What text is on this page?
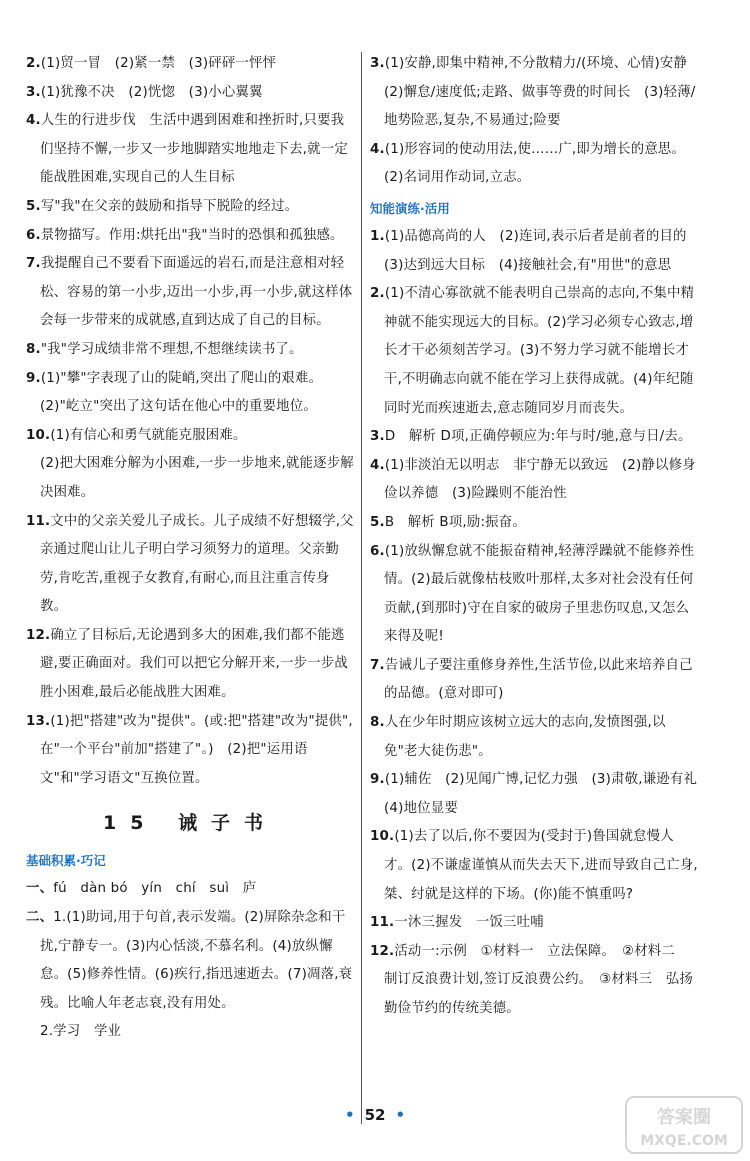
2.(1)贸一冒　(2)紧一禁　(3)砰砰一怦怦
3.(1)犹豫不决　(2)恍惚　(3)小心翼翼
4.人生的行进步伐　生活中遇到困难和挫折时,只要我们坚持不懈,一步又一步地脚踏实地地走下去,就一定能战胜困难,实现自己的人生目标
5.写"我"在父亲的鼓励和指导下脱险的经过。
6.景物描写。作用:烘托出"我"当时的恐惧和孤独感。
7.我提醒自己不要看下面遥远的岩石,而是注意相对轻松、容易的第一小步,迈出一小步,再一小步,就这样体会每一步带来的成就感,直到达成了自己的目标。
8."我"学习成绩非常不理想,不想继续读书了。
9.(1)"攀"字表现了山的陡峭,突出了爬山的艰难。
(2)"屹立"突出了这句话在他心中的重要地位。
10.(1)有信心和勇气就能克服困难。
(2)把大困难分解为小困难,一步一步地来,就能逐步解决困难。
11.文中的父亲关爱儿子成长。儿子成绩不好想辍学,父亲通过爬山让儿子明白学习须努力的道理。父亲勤劳,肯吃苦,重视子女教育,有耐心,而且注重言传身教。
12.确立了目标后,无论遇到多大的困难,我们都不能逃避,要正确面对。我们可以把它分解开来,一步一步战胜小困难,最后必能战胜大困难。
13.(1)把"搭建"改为"提供"。(或:把"搭建"改为"提供",在"一个平台"前加"搭建了"。)　(2)把"运用语文"和"学习语文"互换位置。
15 诫子书
基础积累·巧记
一、fú　dàn bó　yín　chí　suì　庐
二、1.(1)助词,用于句首,表示发端。(2)屏除杂念和干扰,宁静专一。(3)内心恬淡,不慕名利。(4)放纵懈怠。(5)修养性情。(6)疾行,指迅速逝去。(7)凋落,衰残。比喻人年老志衰,没有用处。
2.学习　学业
3.(1)安静,即集中精神,不分散精力/(环境、心情)安静　(2)懈怠/速度低;走路、做事等费的时间长　(3)轻薄/地势险恶,复杂,不易通过;险要
4.(1)形容词的使动用法,使……广,即为增长的意思。(2)名词用作动词,立志。
知能演练·活用
1.(1)品德高尚的人　(2)连词,表示后者是前者的目的　(3)达到远大目标　(4)接触社会,有"用世"的意思
2.(1)不清心寡欲就不能表明自己崇高的志向,不集中精神就不能实现远大的目标。(2)学习必须专心致志,增长才干必须刻苦学习。(3)不努力学习就不能增长才干,不明确志向就不能在学习上获得成就。(4)年纪随同时光而疾速逝去,意志随同岁月而丧失。
3.D　解析 D项,正确停顿应为:年与时/驰,意与日/去。
4.(1)非淡泊无以明志　非宁静无以致远　(2)静以修身　俭以养德　(3)险躁则不能治性
5.B　解析 B项,励:振奋。
6.(1)放纵懈怠就不能振奋精神,轻薄浮躁就不能修养性情。(2)最后就像枯枝败叶那样,太多对社会没有任何贡献,(到那时)守在自家的破房子里悲伤叹息,又怎么来得及呢!
7.告诫儿子要注重修身养性,生活节俭,以此来培养自己的品德。(意对即可)
8.人在少年时期应该树立远大的志向,发愤图强,以免"老大徒伤悲"。
9.(1)辅佐　(2)见闻广博,记忆力强　(3)肃敬,谦逊有礼　(4)地位显要
10.(1)去了以后,你不要因为(受封于)鲁国就怠慢人才。(2)不谦虚谨慎从而失去天下,进而导致自己亡身,桀、纣就是这样的下场。(你)能不慎重吗?
11.一沐三握发　一饭三吐哺
12.活动一:示例　①材料一　立法保障。　②材料二　制订反浪费计划,签订反浪费公约。　③材料三　弘扬勤俭节约的传统美德。
• 52 •	答案圈
MXQE.COM
